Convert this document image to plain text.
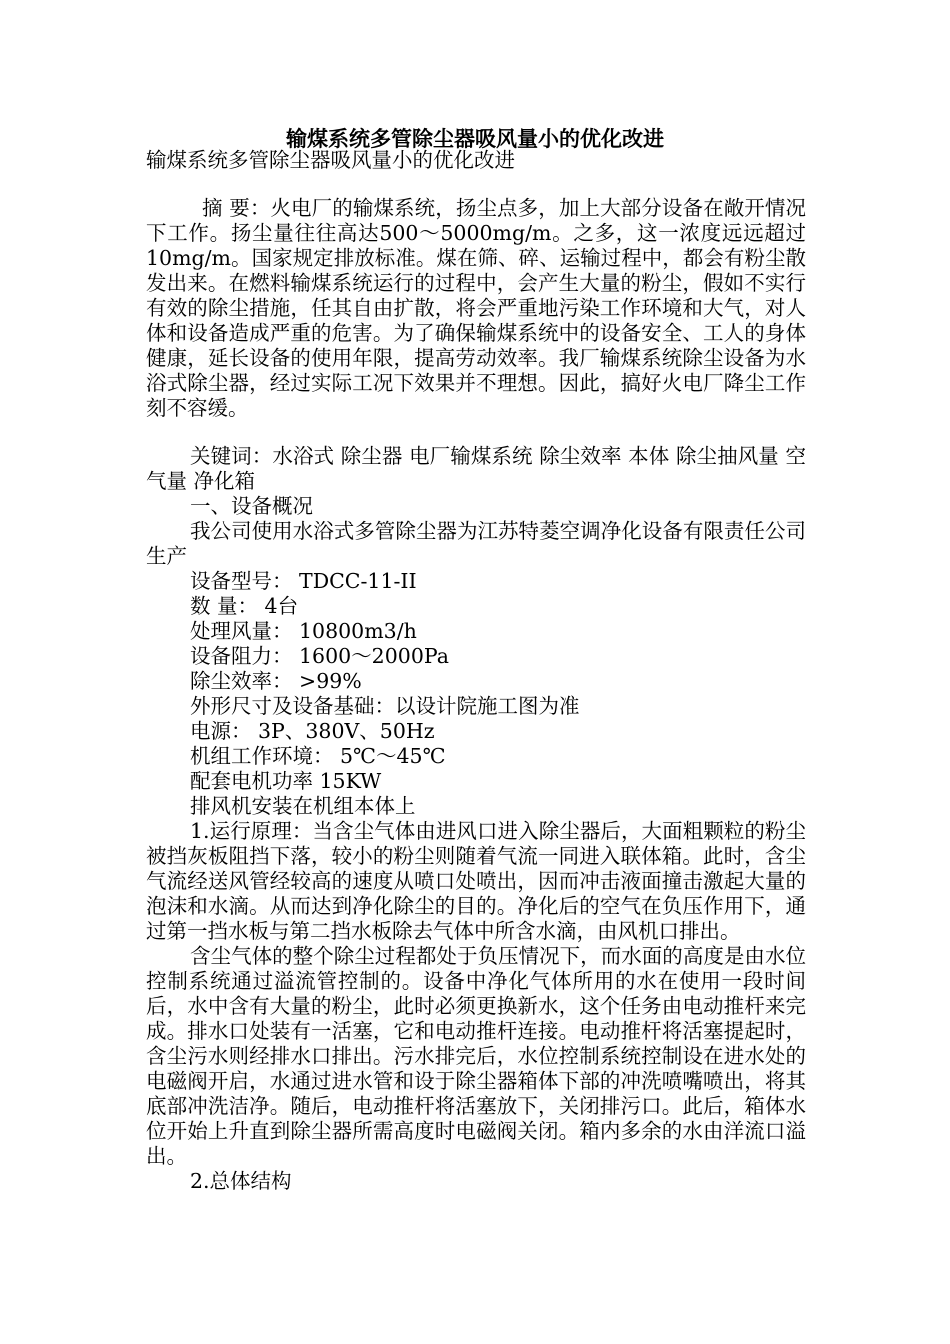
输煤系统多管除尘器吸风量小的优化改进

输煤系统多管除尘器吸风量小的优化改进

摘 要：火电厂的输煤系统，扬尘点多，加上大部分设备在敞开情况下工作。扬尘量往往高达500～5000mg/m。之多，这一浓度远远超过10mg/m。国家规定排放标准。煤在筛、碎、运输过程中，都会有粉尘散发出来。在燃料输煤系统运行的过程中，会产生大量的粉尘，假如不实行有效的除尘措施，任其自由扩散，将会严重地污染工作环境和大气，对人体和设备造成严重的危害。为了确保输煤系统中的设备安全、工人的身体健康，延长设备的使用年限，提高劳动效率。我厂输煤系统除尘设备为水浴式除尘器，经过实际工况下效果并不理想。因此，搞好火电厂降尘工作刻不容缓。

关键词：水浴式 除尘器 电厂输煤系统 除尘效率 本体 除尘抽风量 空气量 净化箱

一、设备概况

我公司使用水浴式多管除尘器为江苏特菱空调净化设备有限责任公司生产

设备型号： TDCC-11-II

数 量： 4台

处理风量： 10800m3/h

设备阻力： 1600～2000Pa

除尘效率： >99%

外形尺寸及设备基础：以设计院施工图为准

电源： 3P、380V、50Hz

机组工作环境： 5℃～45℃

配套电机功率 15KW

排风机安装在机组本体上

1.运行原理：当含尘气体由进风口进入除尘器后，大面粗颗粒的粉尘被挡灰板阻挡下落，较小的粉尘则随着气流一同进入联体箱。此时，含尘气流经送风管经较高的速度从喷口处喷出，因而冲击液面撞击激起大量的泡沫和水滴。从而达到净化除尘的目的。净化后的空气在负压作用下，通过第一挡水板与第二挡水板除去气体中所含水滴，由风机口排出。

含尘气体的整个除尘过程都处于负压情况下，而水面的高度是由水位控制系统通过溢流管控制的。设备中净化气体所用的水在使用一段时间后，水中含有大量的粉尘，此时必须更换新水，这个任务由电动推杆来完成。排水口处装有一活塞，它和电动推杆连接。电动推杆将活塞提起时，含尘污水则经排水口排出。污水排完后，水位控制系统控制设在进水处的电磁阀开启，水通过进水管和设于除尘器箱体下部的冲洗喷嘴喷出，将其底部冲洗洁净。随后，电动推杆将活塞放下，关闭排污口。此后，箱体水位开始上升直到除尘器所需高度时电磁阀关闭。箱内多余的水由洋流口溢出。

2.总体结构
